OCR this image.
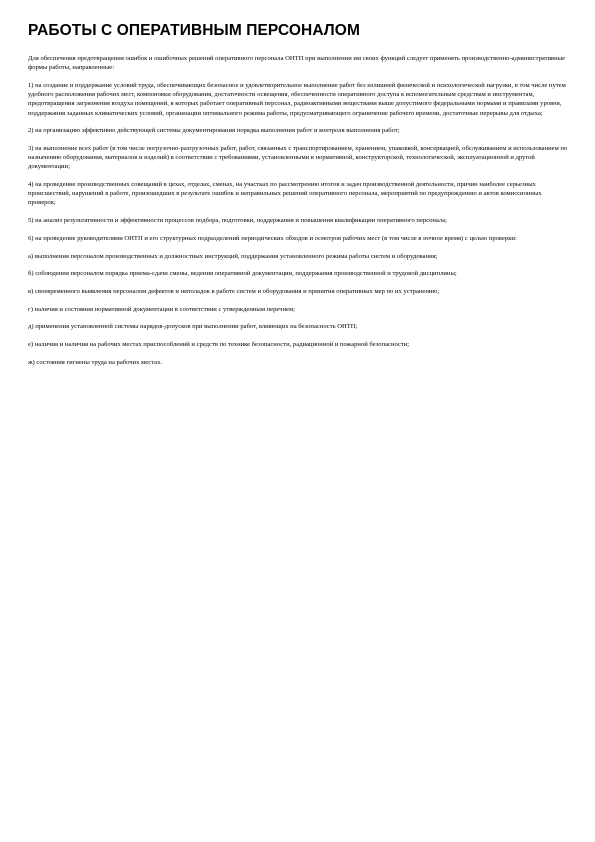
РАБОТЫ С ОПЕРАТИВНЫМ ПЕРСОНАЛОМ

Для обеспечения предотвращения ошибок и ошибочных решений оперативного персонала ОНТП при выполнении им своих функций следует применять производственно-административные формы работы, направленные:

1) на создание и поддержание условий труда, обеспечивающих безопасное и удовлетворительное выполнение работ без излишней физической и психологической нагрузки, в том числе путем удобного расположения рабочих мест, компоновки оборудования, достаточности освещения, обеспеченности оперативного доступа к вспомогательным средствам и инструментам, предотвращения загрязнения воздуха помещений, в которых работает оперативный персонал, радиоактивными веществами выше допустимого федеральными нормами и правилами уровня, поддержания заданных климатических условий, организации оптимального режима работы, предусматривающего ограничение рабочего времени, достаточные перерывы для отдыха;

2) на организацию эффективно действующей системы документирования порядка выполнения работ и контроля выполнения работ;

3) на выполнение всех работ (в том числе погрузочно-разгрузочных работ, работ, связанных с транспортированием, хранением, упаковкой, консервацией, обслуживанием и использованием по назначению оборудования, материалов и изделий) в соответствии с требованиями, установленными в нормативной, конструкторской, технологической, эксплуатационной и другой документации;

4) на проведение производственных совещаний в цехах, отделах, сменах, на участках по рассмотрению итогов и задач производственной деятельности, причин наиболее серьезных происшествий, нарушений в работе, произошедших в результате ошибок и неправильных решений оперативного персонала, мероприятий по предупреждению и актов комиссионных проверок;

5) на анализ результативности и эффективности процессов подбора, подготовки, поддержания и повышения квалификации оперативного персонала;

6) на проведение руководителями ОНТП и его структурных подразделений периодических обходов и осмотров рабочих мест (в том числе в ночное время) с целью проверки:

а) выполнения персоналом производственных и должностных инструкций, поддержания установленного режима работы систем и оборудования;

б) соблюдения персоналом порядка приема-сдачи смены, ведения оперативной документации, поддержания производственной и трудовой дисциплины;

в) своевременного выявления персоналом дефектов и неполадок в работе систем и оборудования и принятия оперативных мер по их устранению;

г) наличия и состояния нормативной документации в соответствии с утвержденным перечнем;

д) применения установленной системы нарядов-допусков при выполнении работ, влияющих на безопасность ОНТП;

е) наличия и наличия на рабочих местах приспособлений и средств по технике безопасности, радиационной и пожарной безопасности;

ж) состояния гигиены труда на рабочих местах.
